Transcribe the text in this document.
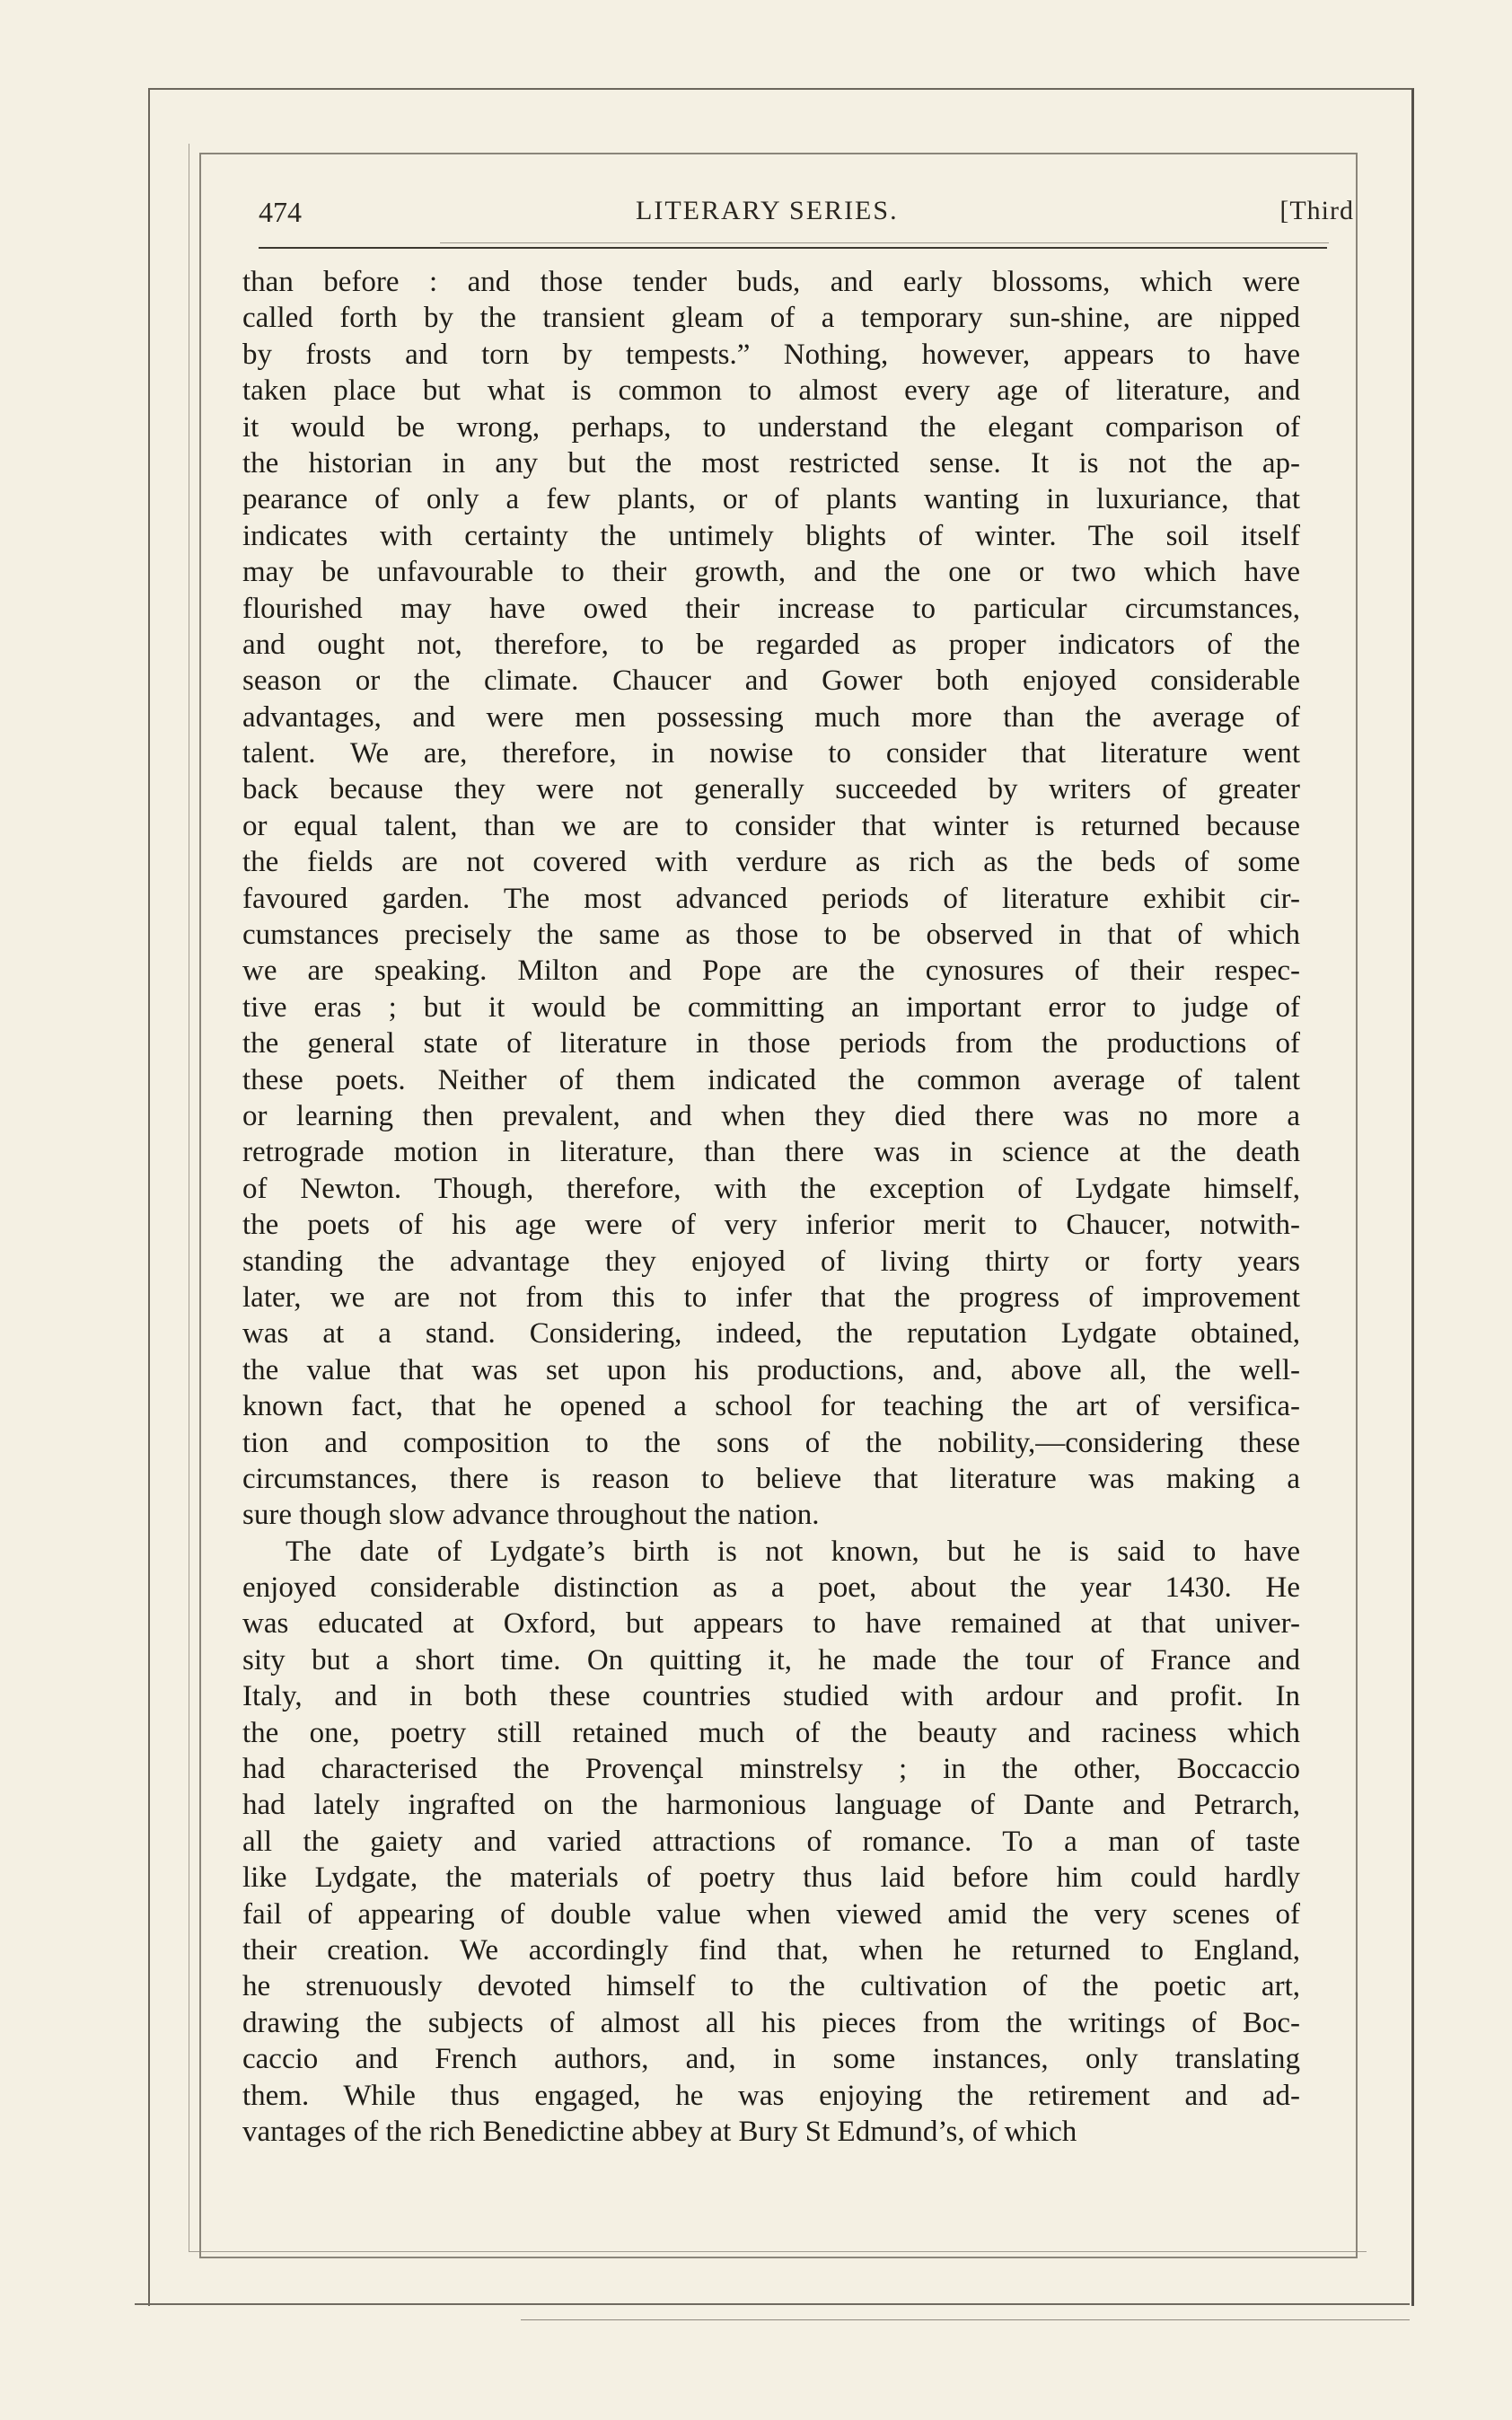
474	LITERARY SERIES.	[Third
than before : and those tender buds, and early blossoms, which were
called forth by the transient gleam of a temporary sun-shine, are nipped
by frosts and torn by tempests.” Nothing, however, appears to have
taken place but what is common to almost every age of literature, and
it would be wrong, perhaps, to understand the elegant comparison of
the historian in any but the most restricted sense. It is not the ap-
pearance of only a few plants, or of plants wanting in luxuriance, that
indicates with certainty the untimely blights of winter. The soil itself
may be unfavourable to their growth, and the one or two which have
flourished may have owed their increase to particular circumstances,
and ought not, therefore, to be regarded as proper indicators of the
season or the climate. Chaucer and Gower both enjoyed considerable
advantages, and were men possessing much more than the average of
talent. We are, therefore, in nowise to consider that literature went
back because they were not generally succeeded by writers of greater
or equal talent, than we are to consider that winter is returned because
the fields are not covered with verdure as rich as the beds of some
favoured garden. The most advanced periods of literature exhibit cir-
cumstances precisely the same as those to be observed in that of which
we are speaking. Milton and Pope are the cynosures of their respec-
tive eras ; but it would be committing an important error to judge of
the general state of literature in those periods from the productions of
these poets. Neither of them indicated the common average of talent
or learning then prevalent, and when they died there was no more a
retrograde motion in literature, than there was in science at the death
of Newton. Though, therefore, with the exception of Lydgate himself,
the poets of his age were of very inferior merit to Chaucer, notwith-
standing the advantage they enjoyed of living thirty or forty years
later, we are not from this to infer that the progress of improvement
was at a stand. Considering, indeed, the reputation Lydgate obtained,
the value that was set upon his productions, and, above all, the well-
known fact, that he opened a school for teaching the art of versifica-
tion and composition to the sons of the nobility,—considering these
circumstances, there is reason to believe that literature was making a
sure though slow advance throughout the nation.
The date of Lydgate’s birth is not known, but he is said to have
enjoyed considerable distinction as a poet, about the year 1430. He
was educated at Oxford, but appears to have remained at that univer-
sity but a short time. On quitting it, he made the tour of France and
Italy, and in both these countries studied with ardour and profit. In
the one, poetry still retained much of the beauty and raciness which
had characterised the Provençal minstrelsy ; in the other, Boccaccio
had lately ingrafted on the harmonious language of Dante and Petrarch,
all the gaiety and varied attractions of romance. To a man of taste
like Lydgate, the materials of poetry thus laid before him could hardly
fail of appearing of double value when viewed amid the very scenes of
their creation. We accordingly find that, when he returned to England,
he strenuously devoted himself to the cultivation of the poetic art,
drawing the subjects of almost all his pieces from the writings of Boc-
caccio and French authors, and, in some instances, only translating
them. While thus engaged, he was enjoying the retirement and ad-
vantages of the rich Benedictine abbey at Bury St Edmund’s, of which
